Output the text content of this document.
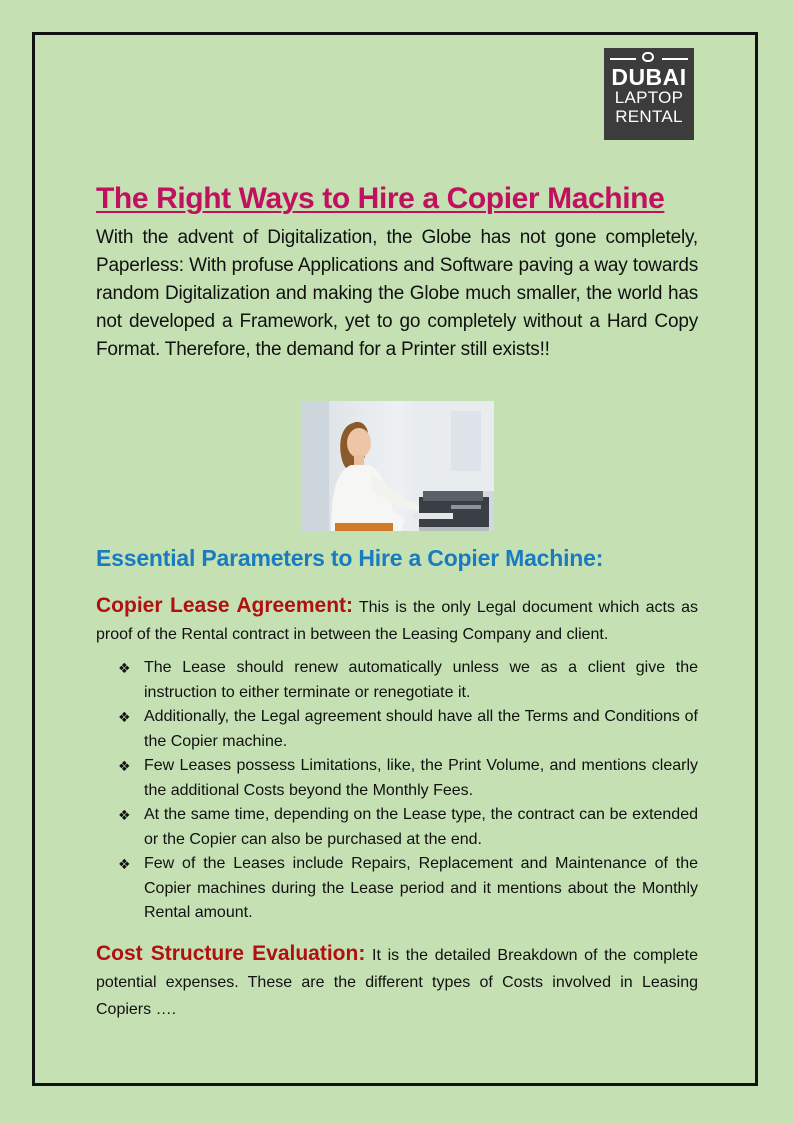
DUBAI
LAPTOP
RENTAL
The Right Ways to Hire a Copier Machine

With the advent of Digitalization, the Globe has not gone completely, Paperless: With profuse Applications and Software paving a way towards random Digitalization and making the Globe much smaller, the world has not developed a Framework, yet to go completely without a Hard Copy Format. Therefore, the demand for a Printer still exists!!

Essential Parameters to Hire a Copier Machine:

Copier Lease Agreement: This is the only Legal document which acts as proof of the Rental contract in between the Leasing Company and client.

❖ The Lease should renew automatically unless we as a client give the instruction to either terminate or renegotiate it.
❖ Additionally, the Legal agreement should have all the Terms and Conditions of the Copier machine.
❖ Few Leases possess Limitations, like, the Print Volume, and mentions clearly the additional Costs beyond the Monthly Fees.
❖ At the same time, depending on the Lease type, the contract can be extended or the Copier can also be purchased at the end.
❖ Few of the Leases include Repairs, Replacement and Maintenance of the Copier machines during the Lease period and it mentions about the Monthly Rental amount.

Cost Structure Evaluation: It is the detailed Breakdown of the complete potential expenses. These are the different types of Costs involved in Leasing Copiers ….
